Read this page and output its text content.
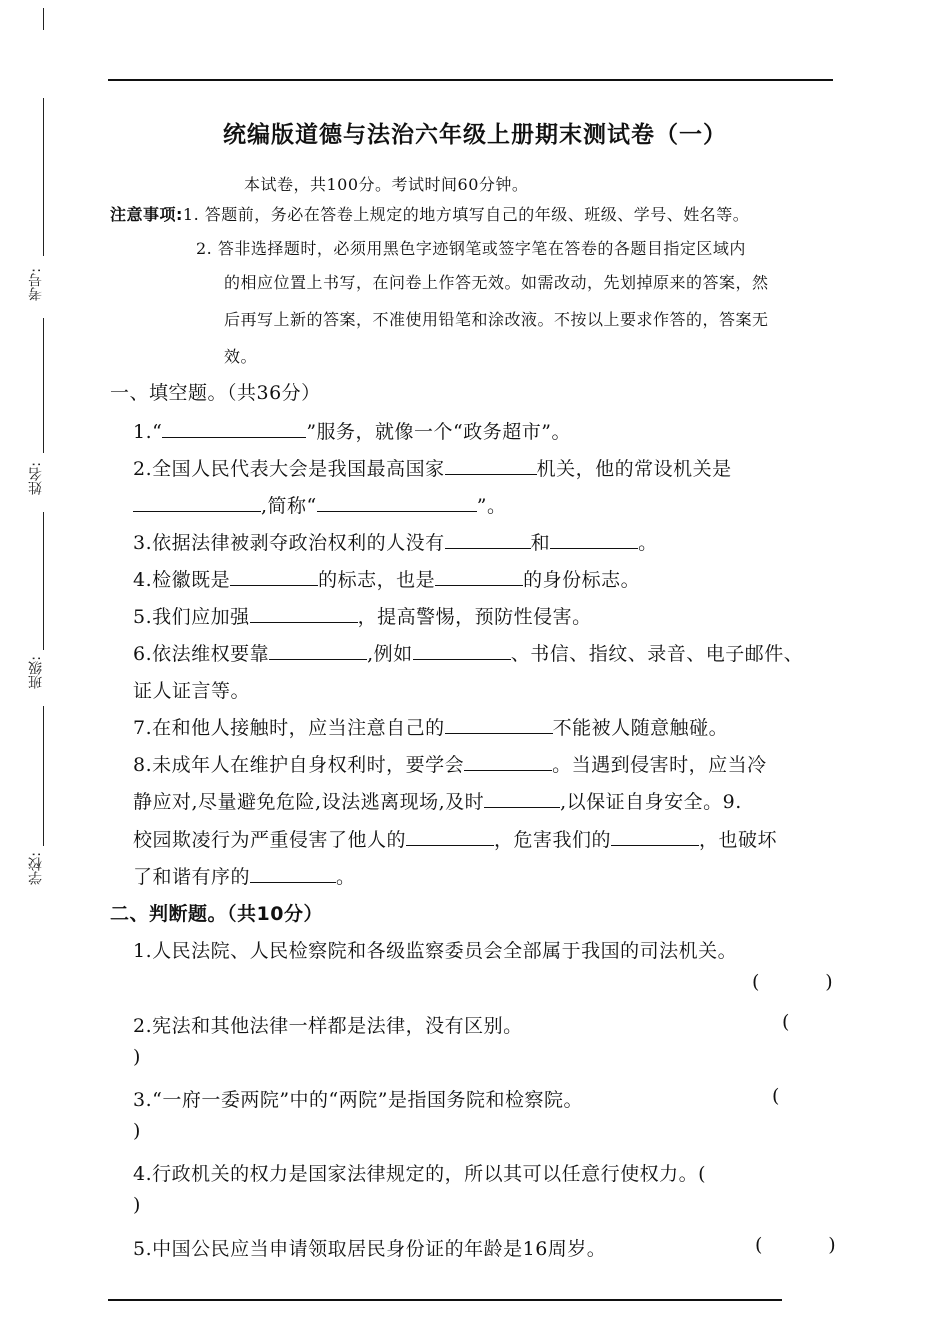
考号:
姓名:
班级:
学校:
统编版道德与法治六年级上册期末测试卷（一）
本试卷，共100分。考试时间60分钟。
注意事项:1. 答题前，务必在答卷上规定的地方填写自己的年级、班级、学号、姓名等。
2. 答非选择题时，必须用黑色字迹钢笔或签字笔在答卷的各题目指定区域内
的相应位置上书写，在问卷上作答无效。如需改动，先划掉原来的答案，然
后再写上新的答案，不准使用铅笔和涂改液。不按以上要求作答的，答案无
效。
一、填空题。（共36分）
1.“	”服务，就像一个“政务超市”。
2.全国人民代表大会是我国最高国家	机关，他的常设机关是
,简称“	”。
3.依据法律被剥夺政治权利的人没有	和	。
4.检徽既是	的标志，也是	的身份标志。
5.我们应加强	，提高警惕，预防性侵害。
6.依法维权要靠	,例如	、书信、指纹、录音、电子邮件、
证人证言等。
7.在和他人接触时，应当注意自己的	不能被人随意触碰。
8.未成年人在维护自身权利时，要学会	。当遇到侵害时，应当冷
静应对,尽量避免危险,设法逃离现场,及时	,以保证自身安全。9.
校园欺凌行为严重侵害了他人的	，危害我们的	，也破坏
了和谐有序的	。
二、判断题。（共10分）
1.人民法院、人民检察院和各级监察委员会全部属于我国的司法机关。
(          )
2.宪法和其他法律一样都是法律，没有区别。	(
)
3.“一府一委两院”中的“两院”是指国务院和检察院。	(
)
4.行政机关的权力是国家法律规定的，所以其可以任意行使权力。(
)
5.中国公民应当申请领取居民身份证的年龄是16周岁。	(          )
